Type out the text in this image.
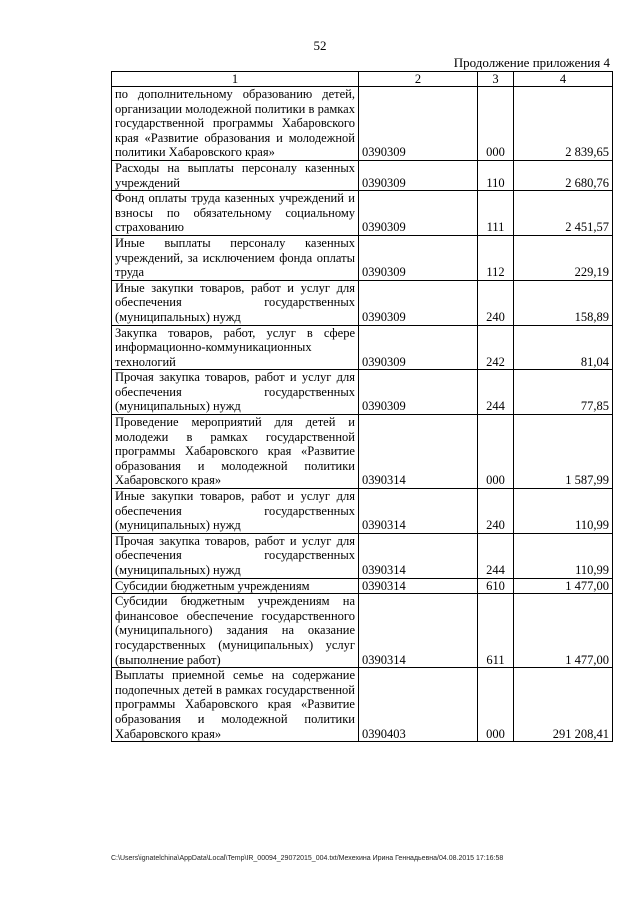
52
Продолжение приложения 4
1	2	3	4
по дополнительному образованию детей, организации молодежной политики в рамках государственной программы Хабаровского края «Развитие образования и молодежной политики Хабаровского края»	0390309	000	2 839,65
Расходы на выплаты персоналу казенных учреждений	0390309	110	2 680,76
Фонд оплаты труда казенных учреждений и взносы по обязательному социальному страхованию	0390309	111	2 451,57
Иные выплаты персоналу казенных учреждений, за исключением фонда оплаты труда	0390309	112	229,19
Иные закупки товаров, работ и услуг для обеспечения государственных (муниципальных) нужд	0390309	240	158,89
Закупка товаров, работ, услуг в сфере информационно-коммуникационных технологий	0390309	242	81,04
Прочая закупка товаров, работ и услуг для обеспечения государственных (муниципальных) нужд	0390309	244	77,85
Проведение мероприятий для детей и молодежи в рамках государственной программы Хабаровского края «Развитие образования и молодежной политики Хабаровского края»	0390314	000	1 587,99
Иные закупки товаров, работ и услуг для обеспечения государственных (муниципальных) нужд	0390314	240	110,99
Прочая закупка товаров, работ и услуг для обеспечения государственных (муниципальных) нужд	0390314	244	110,99
Субсидии бюджетным учреждениям	0390314	610	1 477,00
Субсидии бюджетным учреждениям на финансовое обеспечение государственного (муниципального) задания на оказание государственных (муниципальных) услуг (выполнение работ)	0390314	611	1 477,00
Выплаты приемной семье на содержание подопечных детей в рамках государственной программы Хабаровского края «Развитие образования и молодежной политики Хабаровского края»	0390403	000	291 208,41
C:\Users\ignatelchina\AppData\Local\Temp\IR_00094_29072015_004.txt/Мехехина Ирина Геннадьевна/04.08.2015 17:16:58
